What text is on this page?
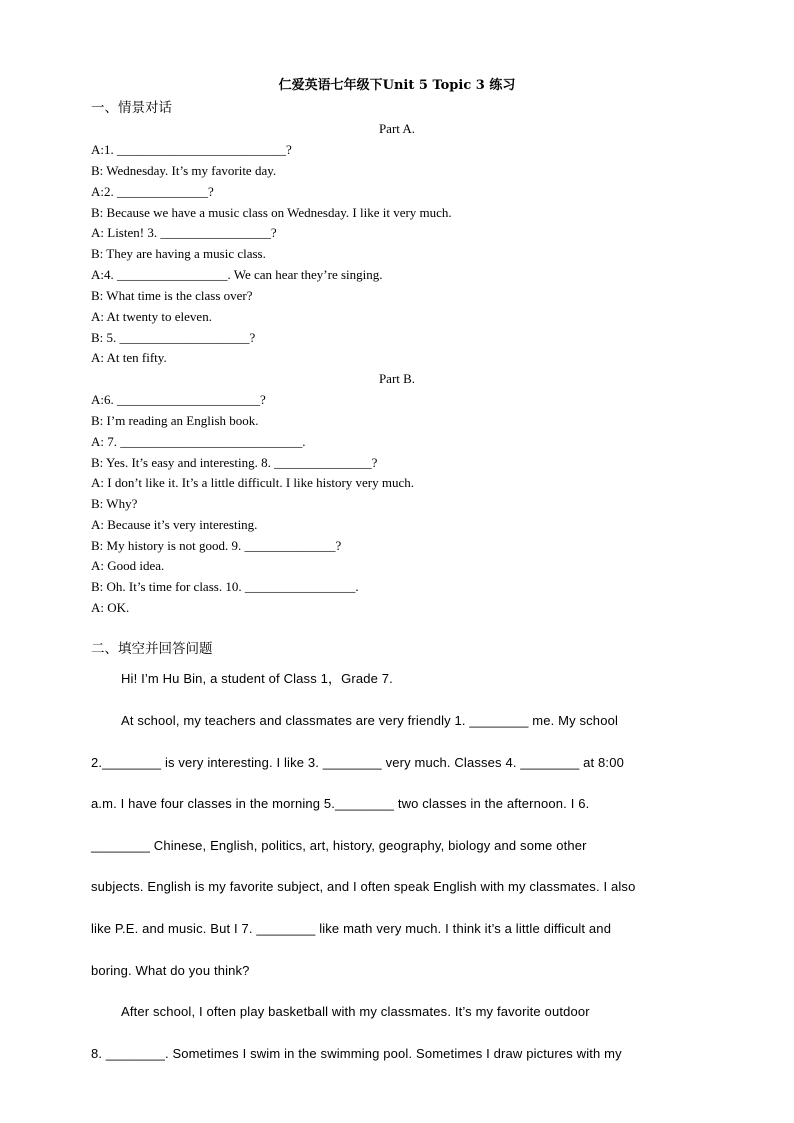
仁爱英语七年级下Unit 5 Topic 3 练习
一、情景对话
Part A.
A:1. __________________________?
B: Wednesday. It’s my favorite day.
A:2. ______________?
B: Because we have a music class on Wednesday. I like it very much.
A: Listen! 3. _________________?
B: They are having a music class.
A:4. _________________. We can hear they’re singing.
B: What time is the class over?
A: At twenty to eleven.
B: 5. ____________________?
A: At ten fifty.
Part B.
A:6. ______________________?
B: I’m reading an English book.
A: 7. ____________________________.
B: Yes. It’s easy and interesting. 8. _______________?
A: I don’t like it. It’s a little difficult. I like history very much.
B: Why?
A: Because it’s very interesting.
B: My history is not good. 9. ______________?
A: Good idea.
B: Oh. It’s time for class. 10. _________________.
A: OK.
二、填空并回答问题
Hi! I’m Hu Bin, a student of Class 1，Grade 7.
At school, my teachers and classmates are very friendly 1. ________ me. My school
2.________ is very interesting. I like 3. ________ very much. Classes 4. ________ at 8:00
a.m. I have four classes in the morning 5.________ two classes in the afternoon. I 6.
________ Chinese, English, politics, art, history, geography, biology and some other
subjects. English is my favorite subject, and I often speak English with my classmates. I also
like P.E. and music. But I 7. ________ like math very much. I think it’s a little difficult and
boring. What do you think?
After school, I often play basketball with my classmates. It’s my favorite outdoor
8. ________. Sometimes I swim in the swimming pool. Sometimes I draw pictures with my
